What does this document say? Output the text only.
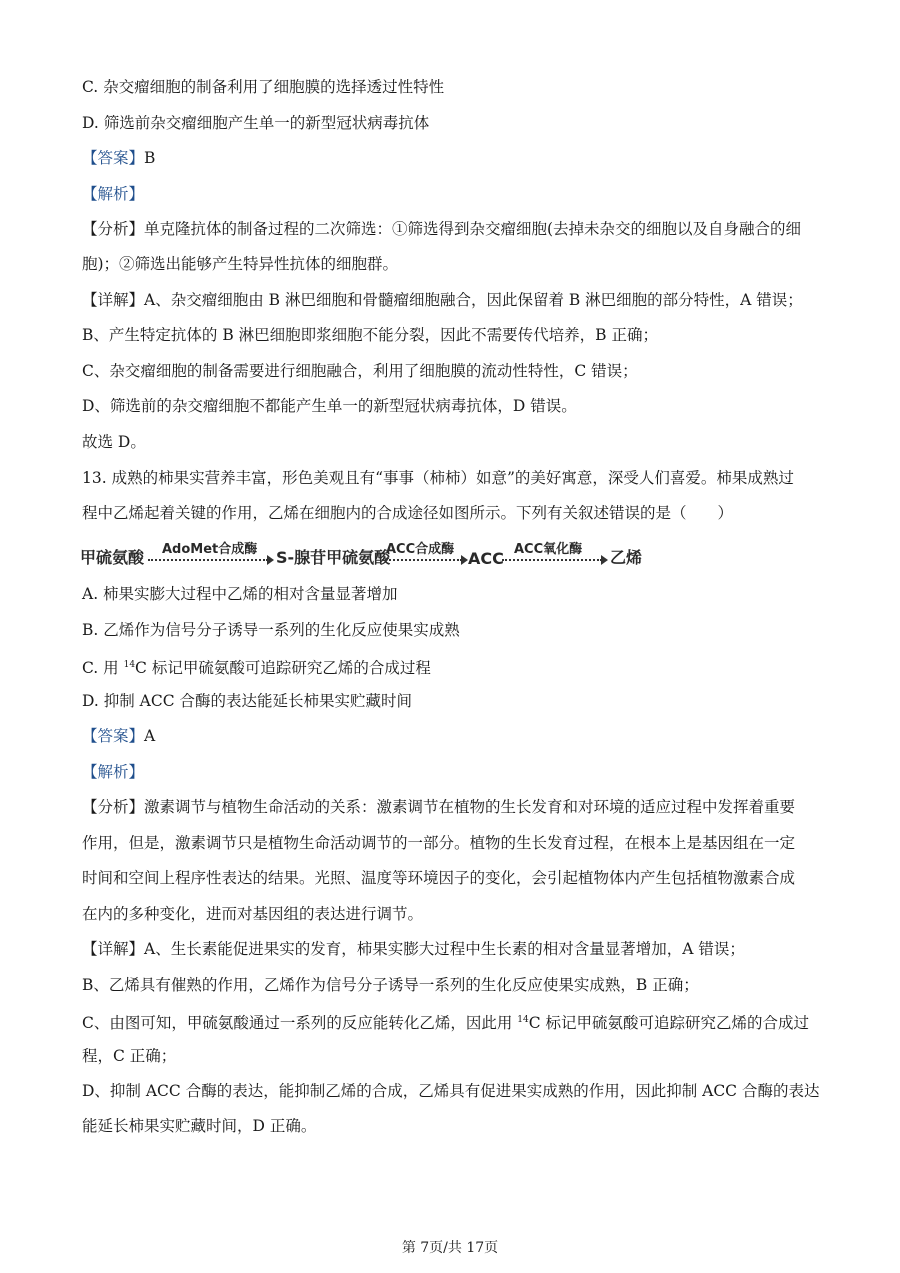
C. 杂交瘤细胞的制备利用了细胞膜的选择透过性特性
D. 筛选前杂交瘤细胞产生单一的新型冠状病毒抗体
【答案】B
【解析】
【分析】单克隆抗体的制备过程的二次筛选：①筛选得到杂交瘤细胞(去掉未杂交的细胞以及自身融合的细
胞)；②筛选出能够产生特异性抗体的细胞群。
【详解】A、杂交瘤细胞由 B 淋巴细胞和骨髓瘤细胞融合，因此保留着 B 淋巴细胞的部分特性，A 错误；
B、产生特定抗体的 B 淋巴细胞即浆细胞不能分裂，因此不需要传代培养，B 正确；
C、杂交瘤细胞的制备需要进行细胞融合，利用了细胞膜的流动性特性，C 错误；
D、筛选前的杂交瘤细胞不都能产生单一的新型冠状病毒抗体，D 错误。
故选 D。
13. 成熟的柿果实营养丰富，形色美观且有“事事（柿柿）如意”的美好寓意，深受人们喜爱。柿果成熟过
程中乙烯起着关键的作用，乙烯在细胞内的合成途径如图所示。下列有关叙述错误的是（　　）
甲硫氨酸 AdoMet合成酶 S-腺苷甲硫氨酸
ACC合成酶 ACC ACC氧化酶 乙烯
A. 柿果实膨大过程中乙烯的相对含量显著增加
B. 乙烯作为信号分子诱导一系列的生化反应使果实成熟
C. 用 $^{14}$C 标记甲硫氨酸可追踪研究乙烯的合成过程
D. 抑制 ACC 合酶的表达能延长柿果实贮藏时间
【答案】A
【解析】
【分析】激素调节与植物生命活动的关系：激素调节在植物的生长发育和对环境的适应过程中发挥着重要
作用，但是，激素调节只是植物生命活动调节的一部分。植物的生长发育过程，在根本上是基因组在一定
时间和空间上程序性表达的结果。光照、温度等环境因子的变化，会引起植物体内产生包括植物激素合成
在内的多种变化，进而对基因组的表达进行调节。
【详解】A、生长素能促进果实的发育，柿果实膨大过程中生长素的相对含量显著增加，A 错误；
B、乙烯具有催熟的作用，乙烯作为信号分子诱导一系列的生化反应使果实成熟，B 正确；
C、由图可知，甲硫氨酸通过一系列的反应能转化乙烯，因此用 $^{14}$C 标记甲硫氨酸可追踪研究乙烯的合成过
程，C 正确；
D、抑制 ACC 合酶的表达，能抑制乙烯的合成，乙烯具有促进果实成熟的作用，因此抑制 ACC 合酶的表达
能延长柿果实贮藏时间，D 正确。
第 7页/共 17页
